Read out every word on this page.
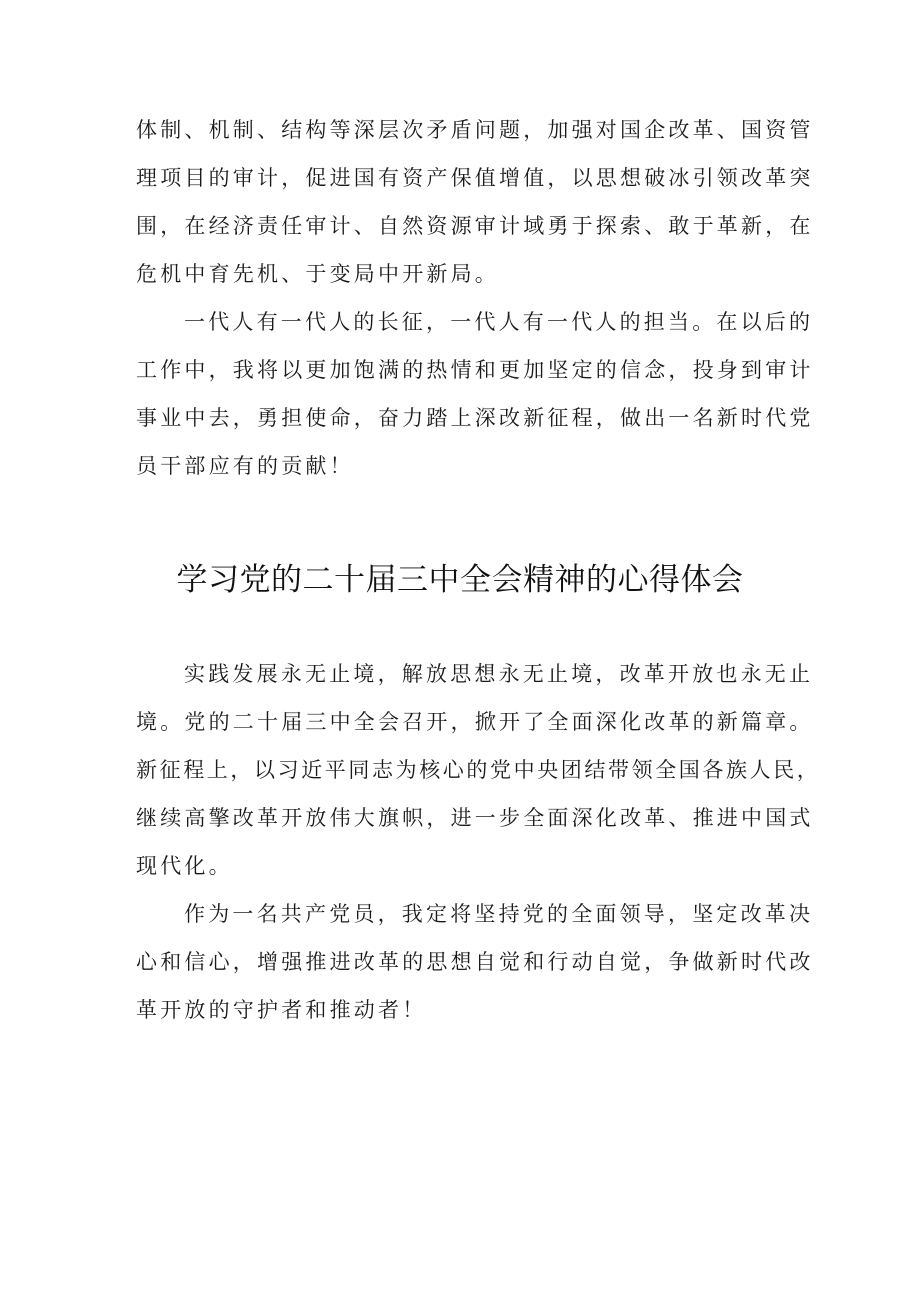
体制、机制、结构等深层次矛盾问题，加强对国企改革、国资管
理项目的审计，促进国有资产保值增值，以思想破冰引领改革突
围，在经济责任审计、自然资源审计域勇于探索、敢于革新，在
危机中育先机、于变局中开新局。
一代人有一代人的长征，一代人有一代人的担当。在以后的
工作中，我将以更加饱满的热情和更加坚定的信念，投身到审计
事业中去，勇担使命，奋力踏上深改新征程，做出一名新时代党
员干部应有的贡献！
学习党的二十届三中全会精神的心得体会
实践发展永无止境，解放思想永无止境，改革开放也永无止
境。党的二十届三中全会召开，掀开了全面深化改革的新篇章。
新征程上，以习近平同志为核心的党中央团结带领全国各族人民，
继续高擎改革开放伟大旗帜，进一步全面深化改革、推进中国式
现代化。
作为一名共产党员，我定将坚持党的全面领导，坚定改革决
心和信心，增强推进改革的思想自觉和行动自觉，争做新时代改
革开放的守护者和推动者！
